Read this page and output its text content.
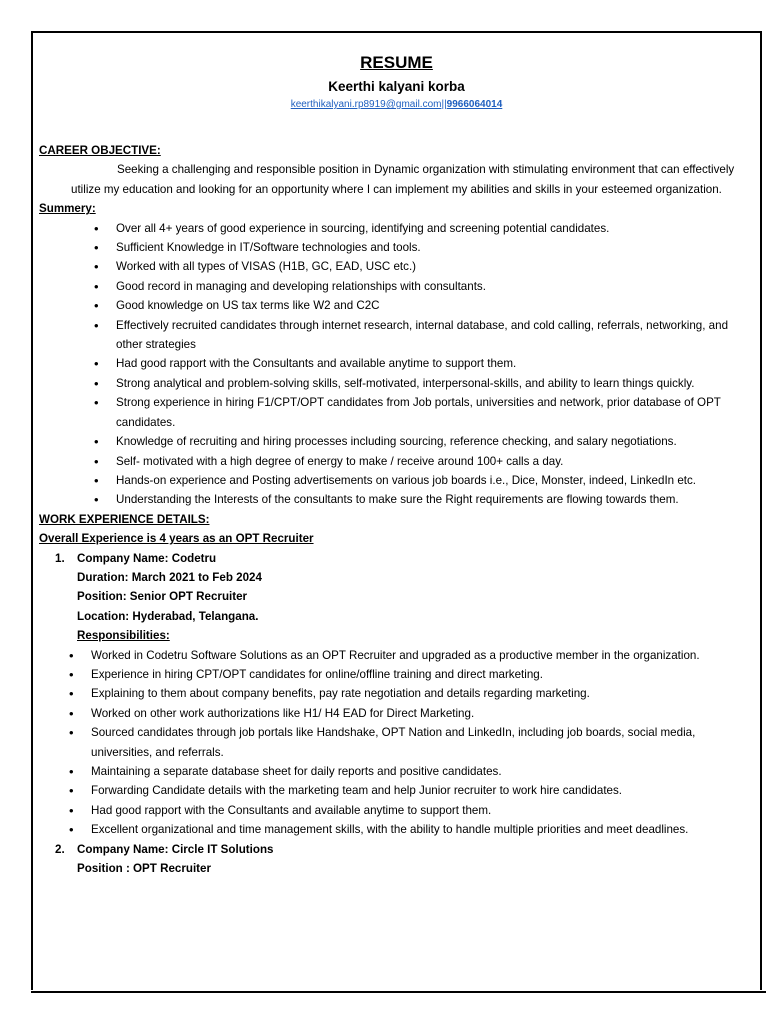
RESUME
Keerthi kalyani korba
keerthikalyani.rp8919@gmail.com||9966064014

CAREER OBJECTIVE:

Seeking a challenging and responsible position in Dynamic organization with stimulating environment that can effectively utilize my education and looking for an opportunity where I can implement my abilities and skills in your esteemed organization.

Summery:

• Over all 4+ years of good experience in sourcing, identifying and screening potential candidates.
• Sufficient Knowledge in IT/Software technologies and tools.
• Worked with all types of VISAS (H1B, GC, EAD, USC etc.)
• Good record in managing and developing relationships with consultants.
• Good knowledge on US tax terms like W2 and C2C
• Effectively recruited candidates through internet research, internal database, and cold calling, referrals, networking, and other strategies
• Had good rapport with the Consultants and available anytime to support them.
• Strong analytical and problem-solving skills, self-motivated, interpersonal-skills, and ability to learn things quickly.
• Strong experience in hiring F1/CPT/OPT candidates from Job portals, universities and network, prior database of OPT candidates.
• Knowledge of recruiting and hiring processes including sourcing, reference checking, and salary negotiations.
• Self- motivated with a high degree of energy to make / receive around 100+ calls a day.
• Hands-on experience and Posting advertisements on various job boards i.e., Dice, Monster, indeed, LinkedIn etc.
• Understanding the Interests of the consultants to make sure the Right requirements are flowing towards them.

WORK EXPERIENCE DETAILS:

Overall Experience is 4 years as an OPT Recruiter

1. Company Name: Codetru
Duration: March 2021 to Feb 2024
Position: Senior OPT Recruiter
Location: Hyderabad, Telangana.
Responsibilities:
• Worked in Codetru Software Solutions as an OPT Recruiter and upgraded as a productive member in the organization.
• Experience in hiring CPT/OPT candidates for online/offline training and direct marketing.
• Explaining to them about company benefits, pay rate negotiation and details regarding marketing.
• Worked on other work authorizations like H1/ H4 EAD for Direct Marketing.
• Sourced candidates through job portals like Handshake, OPT Nation and LinkedIn, including job boards, social media, universities, and referrals.
• Maintaining a separate database sheet for daily reports and positive candidates.
• Forwarding Candidate details with the marketing team and help Junior recruiter to work hire candidates.
• Had good rapport with the Consultants and available anytime to support them.
• Excellent organizational and time management skills, with the ability to handle multiple priorities and meet deadlines.
2. Company Name: Circle IT Solutions
Position : OPT Recruiter
